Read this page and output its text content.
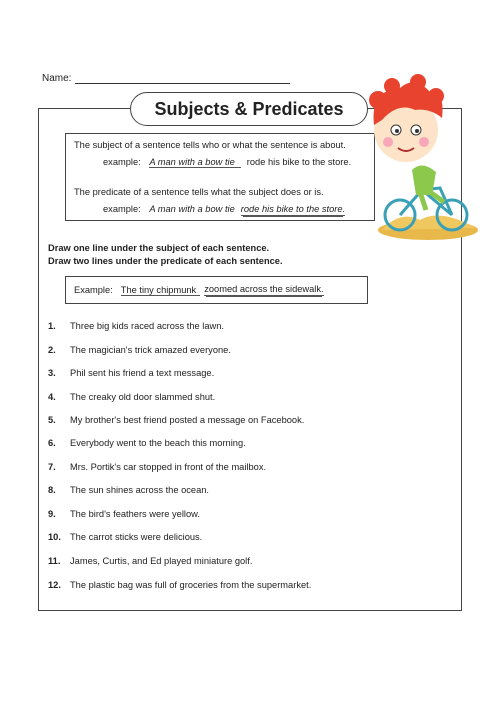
Name:
Subjects & Predicates
The subject of a sentence tells who or what the sentence is about.
example: A man with a bow tie rode his bike to the store.
The predicate of a sentence tells what the subject does or is.
example: A man with a bow tie rode his bike to the store.
Draw one line under the subject of each sentence.
Draw two lines under the predicate of each sentence.
Example: The tiny chipmunk zoomed across the sidewalk.
1. Three big kids raced across the lawn.
2. The magician's trick amazed everyone.
3. Phil sent his friend a text message.
4. The creaky old door slammed shut.
5. My brother's best friend posted a message on Facebook.
6. Everybody went to the beach this morning.
7. Mrs. Portik's car stopped in front of the mailbox.
8. The sun shines across the ocean.
9. The bird's feathers were yellow.
10. The carrot sticks were delicious.
11. James, Curtis, and Ed played miniature golf.
12. The plastic bag was full of groceries from the supermarket.
